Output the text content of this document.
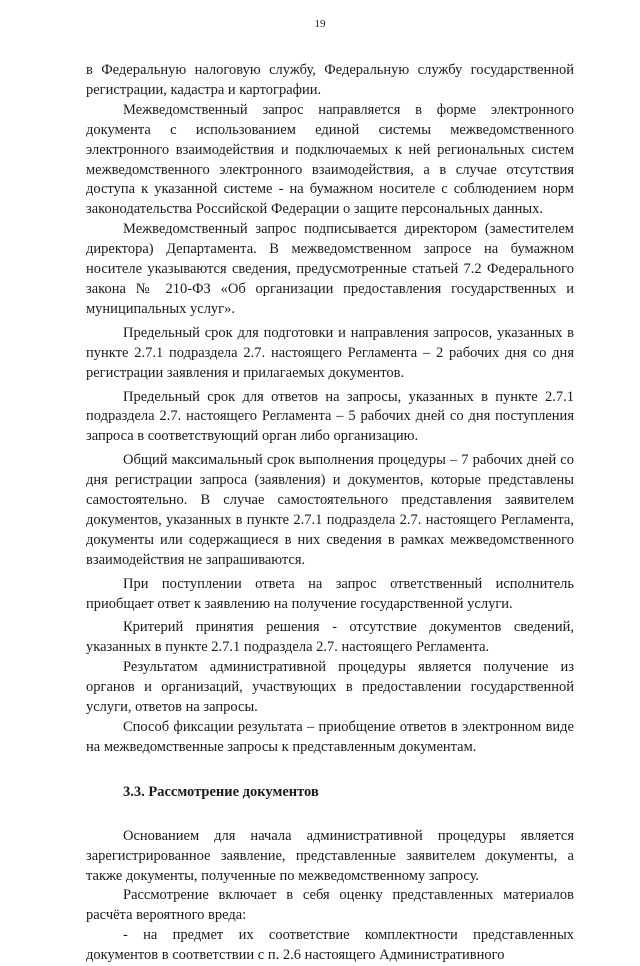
19

в Федеральную налоговую службу, Федеральную службу государственной регистрации, кадастра и картографии.

Межведомственный запрос направляется в форме электронного документа с использованием единой системы межведомственного электронного взаимодействия и подключаемых к ней региональных систем межведомственного электронного взаимодействия, а в случае отсутствия доступа к указанной системе - на бумажном носителе с соблюдением норм законодательства Российской Федерации о защите персональных данных.

Межведомственный запрос подписывается директором (заместителем директора) Департамента. В межведомственном запросе на бумажном носителе указываются сведения, предусмотренные статьей 7.2 Федерального закона № 210-ФЗ «Об организации предоставления государственных и муниципальных услуг».

Предельный срок для подготовки и направления запросов, указанных в пункте 2.7.1 подраздела 2.7. настоящего Регламента – 2 рабочих дня со дня регистрации заявления и прилагаемых документов.

Предельный срок для ответов на запросы, указанных в пункте 2.7.1 подраздела 2.7. настоящего Регламента – 5 рабочих дней со дня поступления запроса в соответствующий орган либо организацию.

Общий максимальный срок выполнения процедуры – 7 рабочих дней со дня регистрации запроса (заявления) и документов, которые представлены самостоятельно. В случае самостоятельного представления заявителем документов, указанных в пункте 2.7.1 подраздела 2.7. настоящего Регламента, документы или содержащиеся в них сведения в рамках межведомственного взаимодействия не запрашиваются.

При поступлении ответа на запрос ответственный исполнитель приобщает ответ к заявлению на получение государственной услуги.

Критерий принятия решения - отсутствие документов сведений, указанных в пункте 2.7.1 подраздела 2.7. настоящего Регламента.

Результатом административной процедуры является получение из органов и организаций, участвующих в предоставлении государственной услуги, ответов на запросы.

Способ фиксации результата – приобщение ответов в электронном виде на межведомственные запросы к представленным документам.

3.3. Рассмотрение документов

Основанием для начала административной процедуры является зарегистрированное заявление, представленные заявителем документы, а также документы, полученные по межведомственному запросу.

Рассмотрение включает в себя оценку представленных материалов расчёта вероятного вреда:

- на предмет их соответствие комплектности представленных документов в соответствии с п. 2.6 настоящего Административного
